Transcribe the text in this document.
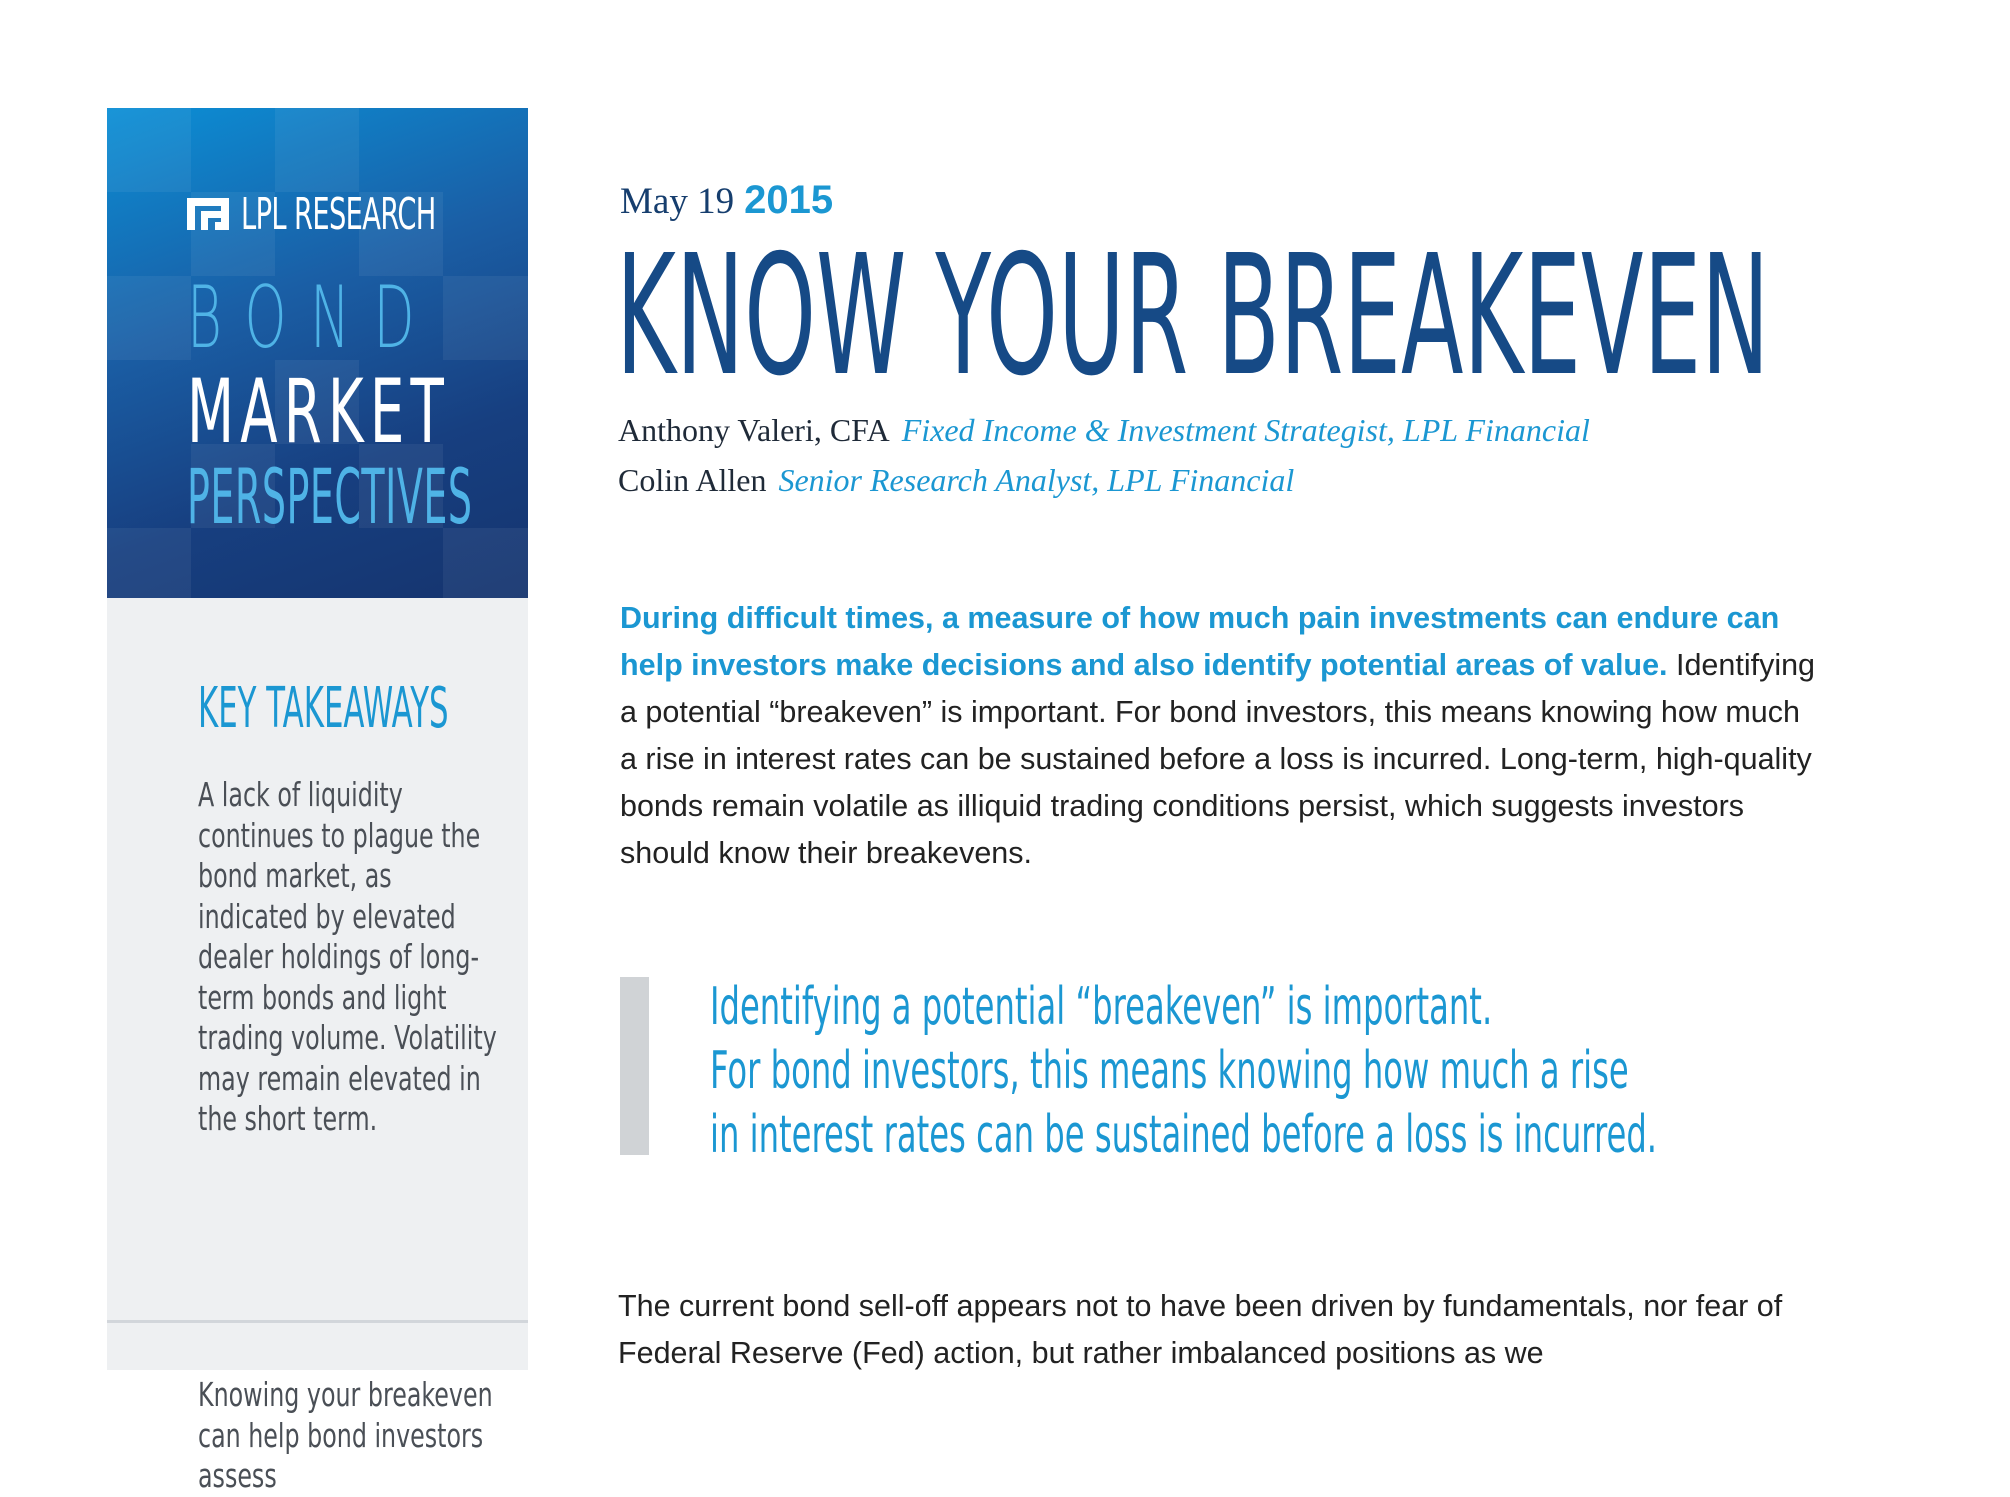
LPL RESEARCH
BOND
MARKET
PERSPECTIVES
KEY TAKEAWAYS
A lack of liquidity continues to plague the bond market, as indicated by elevated dealer holdings of long-term bonds and light trading volume. Volatility may remain elevated in the short term.
Knowing your breakeven can help bond investors assess
May 19 2015
KNOW YOUR BREAKEVEN
Anthony Valeri, CFA Fixed Income & Investment Strategist, LPL Financial
Colin Allen Senior Research Analyst, LPL Financial
During difficult times, a measure of how much pain investments can endure can help investors make decisions and also identify potential areas of value. Identifying a potential “breakeven” is important. For bond investors, this means knowing how much a rise in interest rates can be sustained before a loss is incurred. Long-term, high-quality bonds remain volatile as illiquid trading conditions persist, which suggests investors should know their breakevens.
Identifying a potential “breakeven” is important.
For bond investors, this means knowing how much a rise
in interest rates can be sustained before a loss is incurred.
The current bond sell-off appears not to have been driven by fundamentals, nor fear of Federal Reserve (Fed) action, but rather imbalanced positions as we
